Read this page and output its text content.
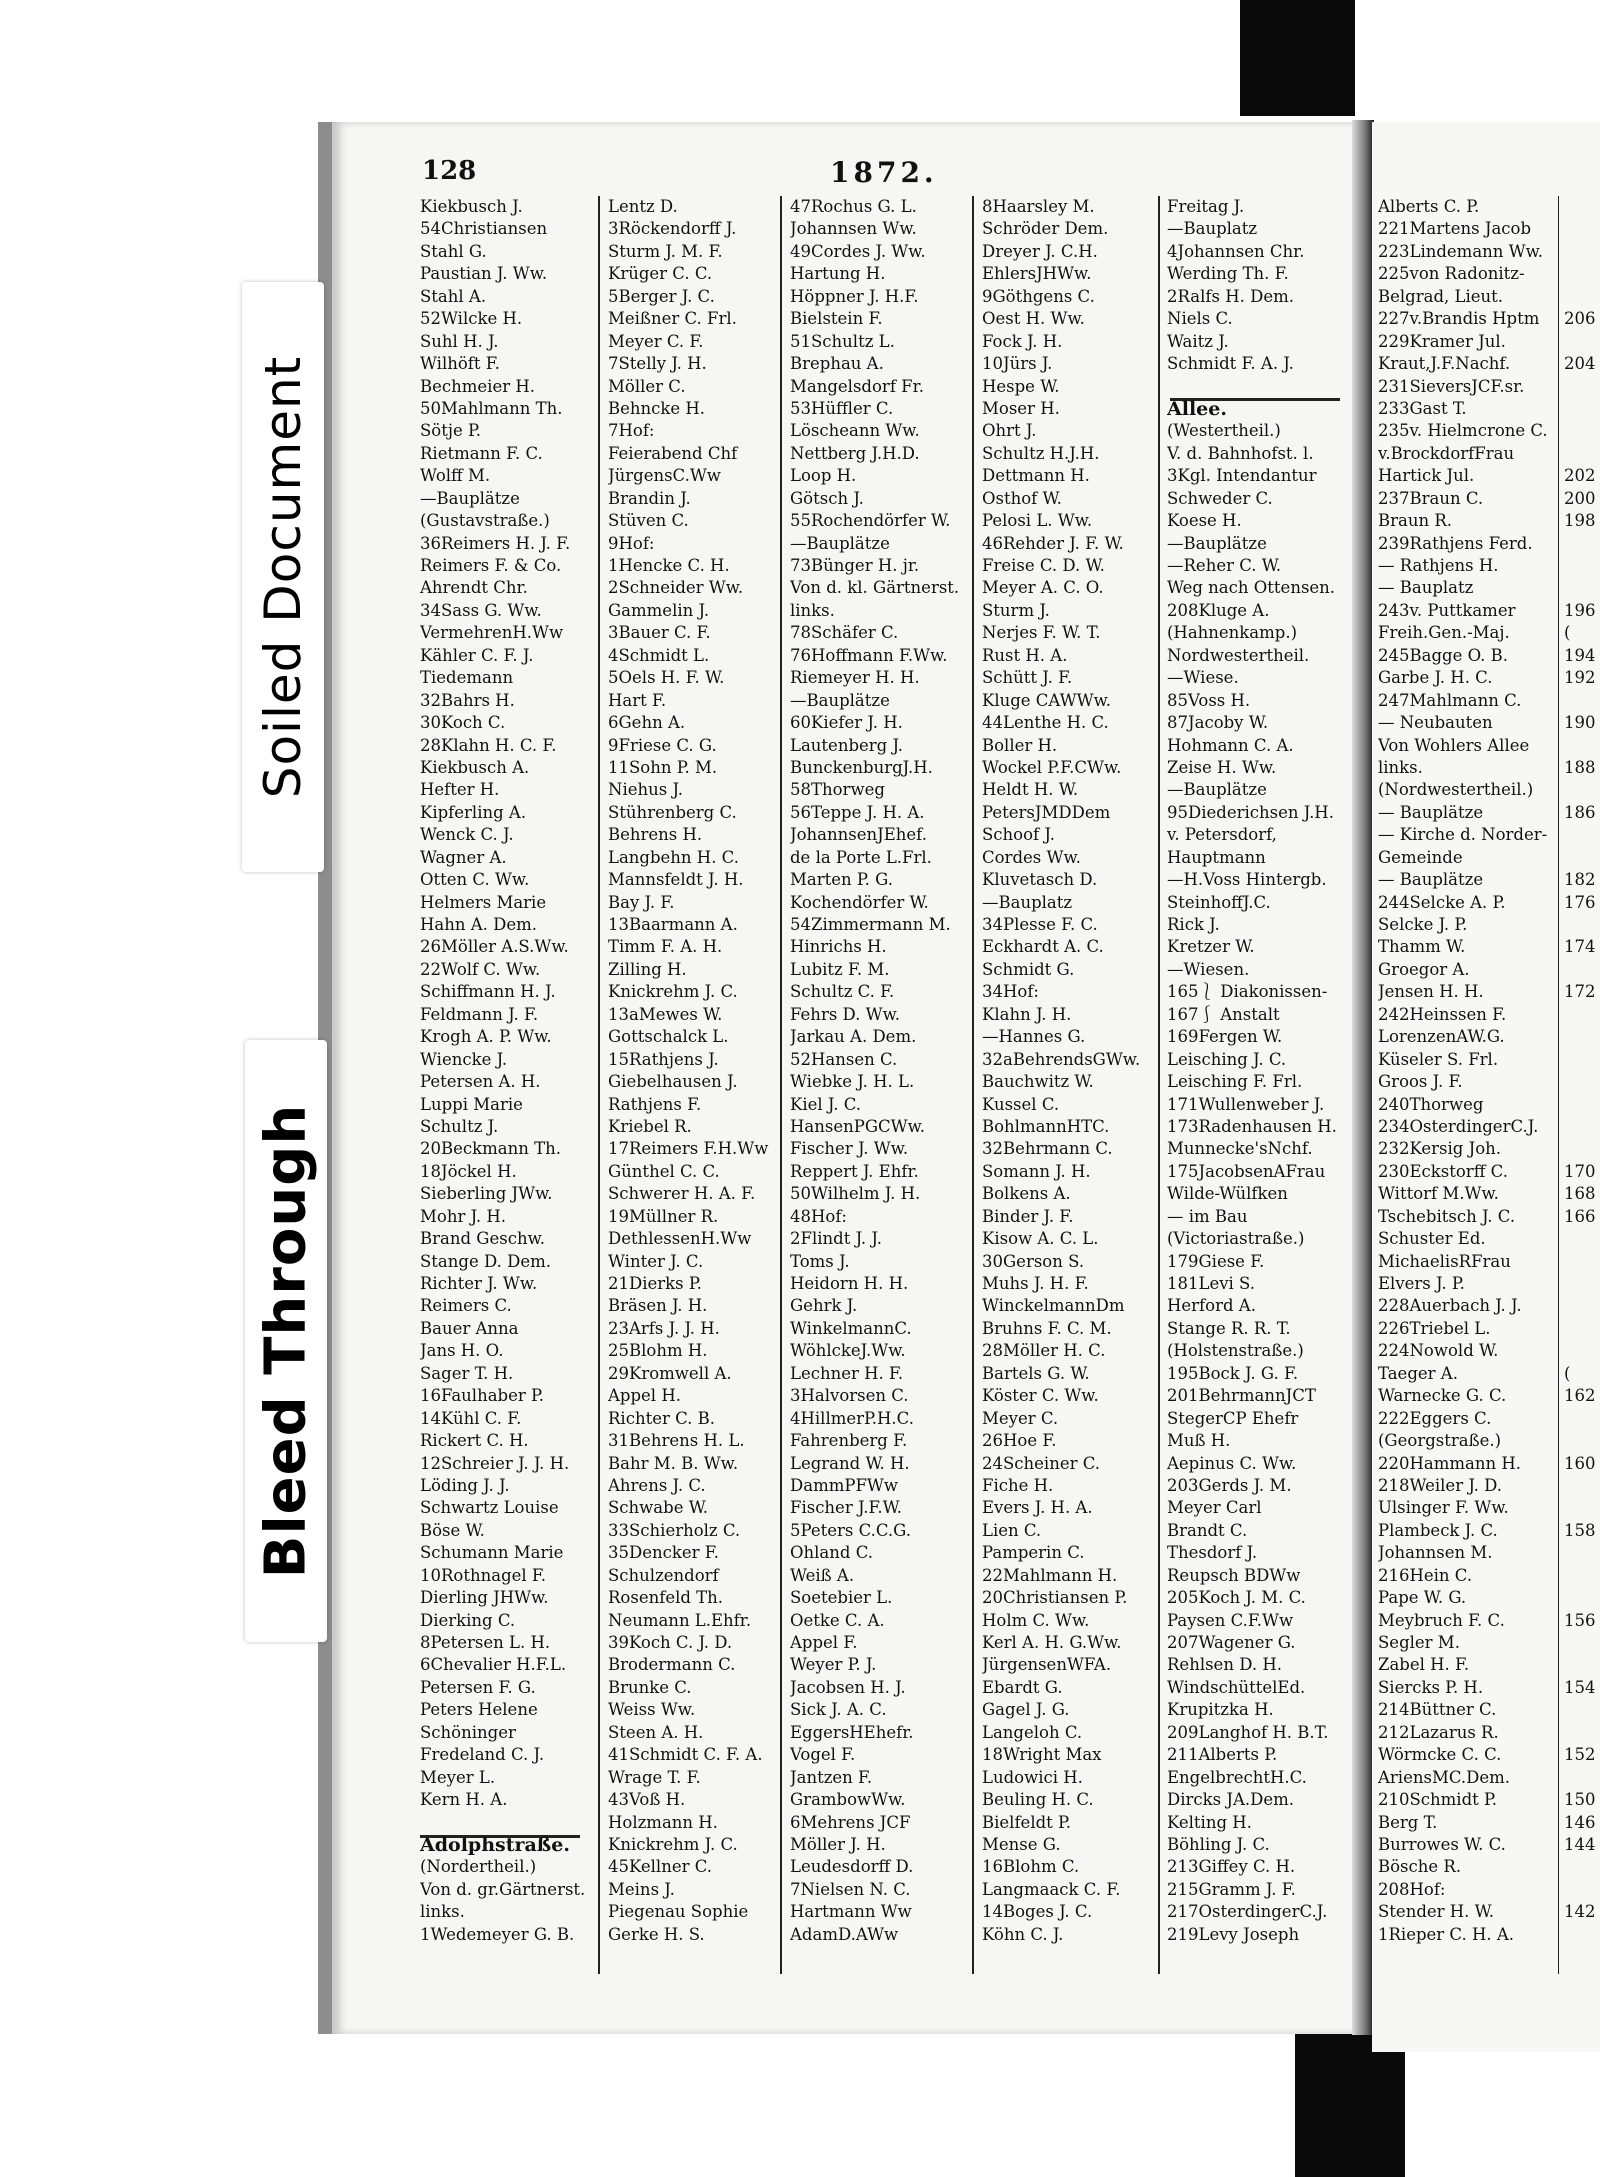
Soiled Document
Bleed Through
128	1872.
Kiekbusch J.
54Christiansen
Stahl G.
Paustian J. Ww.
Stahl A.
52Wilcke H.
Suhl H. J.
Wilhöft F.
Bechmeier H.
50Mahlmann Th.
Sötje P.
Rietmann F. C.
Wolff M.
—Bauplätze
(Gustavstraße.)
36Reimers H. J. F.
Reimers F. & Co.
Ahrendt Chr.
34Sass G. Ww.
VermehrenH.Ww
Kähler C. F. J.
Tiedemann
32Bahrs H.
30Koch C.
28Klahn H. C. F.
Kiekbusch A.
Hefter H.
Kipferling A.
Wenck C. J.
Wagner A.
Otten C. Ww.
Helmers Marie
Hahn A. Dem.
26Möller A.S.Ww.
22Wolf C. Ww.
Schiffmann H. J.
Feldmann J. F.
Krogh A. P. Ww.
Wiencke J.
Petersen A. H.
Luppi Marie
Schultz J.
20Beckmann Th.
18Jöckel H.
Sieberling JWw.
Mohr J. H.
Brand Geschw.
Stange D. Dem.
Richter J. Ww.
Reimers C.
Bauer Anna
Jans H. O.
Sager T. H.
16Faulhaber P.
14Kühl C. F.
Rickert C. H.
12Schreier J. J. H.
Löding J. J.
Schwartz Louise
Böse W.
Schumann Marie
10Rothnagel F.
Dierling JHWw.
Dierking C.
8Petersen L. H.
6Chevalier H.F.L.
Petersen F. G.
Peters Helene
Schöninger
Fredeland C. J.
Meyer L.
Kern H. A.
Adolphstraße.
(Nordertheil.)
Von d. gr.Gärtnerst.
links.
1Wedemeyer G. B.
Lentz D.
3Röckendorff J.
Sturm J. M. F.
Krüger C. C.
5Berger J. C.
Meißner C. Frl.
Meyer C. F.
7Stelly J. H.
Möller C.
Behncke H.
7Hof:
Feierabend Chf
JürgensC.Ww
Brandin J.
Stüven C.
9Hof:
1Hencke C. H.
2Schneider Ww.
Gammelin J.
3Bauer C. F.
4Schmidt L.
5Oels H. F. W.
Hart F.
6Gehn A.
9Friese C. G.
11Sohn P. M.
Niehus J.
Stührenberg C.
Behrens H.
Langbehn H. C.
Mannsfeldt J. H.
Bay J. F.
13Baarmann A.
Timm F. A. H.
Zilling H.
Knickrehm J. C.
13aMewes W.
Gottschalck L.
15Rathjens J.
Giebelhausen J.
Rathjens F.
Kriebel R.
17Reimers F.H.Ww
Günthel C. C.
Schwerer H. A. F.
19Müllner R.
DethlessenH.Ww
Winter J. C.
21Dierks P.
Bräsen J. H.
23Arfs J. J. H.
25Blohm H.
29Kromwell A.
Appel H.
Richter C. B.
31Behrens H. L.
Bahr M. B. Ww.
Ahrens J. C.
Schwabe W.
33Schierholz C.
35Dencker F.
Schulzendorf
Rosenfeld Th.
Neumann L.Ehfr.
39Koch C. J. D.
Brodermann C.
Brunke C.
Weiss Ww.
Steen A. H.
41Schmidt C. F. A.
Wrage T. F.
43Voß H.
Holzmann H.
Knickrehm J. C.
45Kellner C.
Meins J.
Piegenau Sophie
Gerke H. S.
47Rochus G. L.
Johannsen Ww.
49Cordes J. Ww.
Hartung H.
Höppner J. H.F.
Bielstein F.
51Schultz L.
Brephau A.
Mangelsdorf Fr.
53Hüffler C.
Löscheann Ww.
Nettberg J.H.D.
Loop H.
Götsch J.
55Rochendörfer W.
—Bauplätze
73Bünger H. jr.
Von d. kl. Gärtnerst.
links.
78Schäfer C.
76Hoffmann F.Ww.
Riemeyer H. H.
—Bauplätze
60Kiefer J. H.
Lautenberg J.
BunckenburgJ.H.
58Thorweg
56Teppe J. H. A.
JohannsenJEhef.
de la Porte L.Frl.
Marten P. G.
Kochendörfer W.
54Zimmermann M.
Hinrichs H.
Lubitz F. M.
Schultz C. F.
Fehrs D. Ww.
Jarkau A. Dem.
52Hansen C.
Wiebke J. H. L.
Kiel J. C.
HansenPGCWw.
Fischer J. Ww.
Reppert J. Ehfr.
50Wilhelm J. H.
48Hof:
2Flindt J. J.
Toms J.
Heidorn H. H.
Gehrk J.
WinkelmannC.
WöhlckeJ.Ww.
Lechner H. F.
3Halvorsen C.
4HillmerP.H.C.
Fahrenberg F.
Legrand W. H.
DammPFWw
Fischer J.F.W.
5Peters C.C.G.
Ohland C.
Weiß A.
Soetebier L.
Oetke C. A.
Appel F.
Weyer P. J.
Jacobsen H. J.
Sick J. A. C.
EggersHEhefr.
Vogel F.
Jantzen F.
GrambowWw.
6Mehrens JCF
Möller J. H.
Leudesdorff D.
7Nielsen N. C.
Hartmann Ww
AdamD.AWw
8Haarsley M.
Schröder Dem.
Dreyer J. C.H.
EhlersJHWw.
9Göthgens C.
Oest H. Ww.
Fock J. H.
10Jürs J.
Hespe W.
Moser H.
Ohrt J.
Schultz H.J.H.
Dettmann H.
Osthof W.
Pelosi L. Ww.
46Rehder J. F. W.
Freise C. D. W.
Meyer A. C. O.
Sturm J.
Nerjes F. W. T.
Rust H. A.
Schütt J. F.
Kluge CAWWw.
44Lenthe H. C.
Boller H.
Wockel P.F.CWw.
Heldt H. W.
PetersJMDDem
Schoof J.
Cordes Ww.
Kluvetasch D.
—Bauplatz
34Plesse F. C.
Eckhardt A. C.
Schmidt G.
34Hof:
Klahn J. H.
—Hannes G.
32aBehrendsGWw.
Bauchwitz W.
Kussel C.
BohlmannHTC.
32Behrmann C.
Somann J. H.
Bolkens A.
Binder J. F.
Kisow A. C. L.
30Gerson S.
Muhs J. H. F.
WinckelmannDm
Bruhns F. C. M.
28Möller H. C.
Bartels G. W.
Köster C. Ww.
Meyer C.
26Hoe F.
24Scheiner C.
Fiche H.
Evers J. H. A.
Lien C.
Pamperin C.
22Mahlmann H.
20Christiansen P.
Holm C. Ww.
Kerl A. H. G.Ww.
JürgensenWFA.
Ebardt G.
Gagel J. G.
Langeloh C.
18Wright Max
Ludowici H.
Beuling H. C.
Bielfeldt P.
Mense G.
16Blohm C.
Langmaack C. F.
14Boges J. C.
Köhn C. J.
Freitag J.
—Bauplatz
4Johannsen Chr.
Werding Th. F.
2Ralfs H. Dem.
Niels C.
Waitz J.
Schmidt F. A. J.
Allee.
(Westertheil.)
V. d. Bahnhofst. l.
3Kgl. Intendantur
Schweder C.
Koese H.
—Bauplätze
—Reher C. W.
Weg nach Ottensen.
208Kluge A.
(Hahnenkamp.)
Nordwestertheil.
—Wiese.
85Voss H.
87Jacoby W.
Hohmann C. A.
Zeise H. Ww.
—Bauplätze
95Diederichsen J.H.
v. Petersdorf,
Hauptmann
—H.Voss Hintergb.
SteinhoffJ.C.
Rick J.
Kretzer W.
—Wiesen.
165⎱ Diakonissen-
167⎰ Anstalt
169Fergen W.
Leisching J. C.
Leisching F. Frl.
171Wullenweber J.
173Radenhausen H.
Munnecke'sNchf.
175JacobsenAFrau
Wilde-Wülfken
— im Bau
(Victoriastraße.)
179Giese F.
181Levi S.
Herford A.
Stange R. R. T.
(Holstenstraße.)
195Bock J. G. F.
201BehrmannJCT
StegerCP Ehefr
Muß H.
Aepinus C. Ww.
203Gerds J. M.
Meyer Carl
Brandt C.
Thesdorf J.
Reupsch BDWw
205Koch J. M. C.
Paysen C.F.Ww
207Wagener G.
Rehlsen D. H.
WindschüttelEd.
Krupitzka H.
209Langhof H. B.T.
211Alberts P.
EngelbrechtH.C.
Dircks JA.Dem.
Kelting H.
Böhling J. C.
213Giffey C. H.
215Gramm J. F.
217OsterdingerC.J.
219Levy Joseph
Alberts C. P.
221Martens Jacob
223Lindemann Ww.
225von Radonitz-
Belgrad, Lieut.
227v.Brandis Hptm
229Kramer Jul.
Kraut,J.F.Nachf.
231SieversJCF.sr.
233Gast T.
235v. Hielmcrone C.
v.BrockdorfFrau
Hartick Jul.
237Braun C.
Braun R.
239Rathjens Ferd.
— Rathjens H.
— Bauplatz
243v. Puttkamer
Freih.Gen.-Maj.
245Bagge O. B.
Garbe J. H. C.
247Mahlmann C.
— Neubauten
Von Wohlers Allee
links.
(Nordwestertheil.)
— Bauplätze
— Kirche d. Norder-
Gemeinde
— Bauplätze
244Selcke A. P.
Selcke J. P.
Thamm W.
Groegor A.
Jensen H. H.
242Heinssen F.
LorenzenAW.G.
Küseler S. Frl.
Groos J. F.
240Thorweg
234OsterdingerC.J.
232Kersig Joh.
230Eckstorff C.
Wittorf M.Ww.
Tschebitsch J. C.
Schuster Ed.
MichaelisRFrau
Elvers J. P.
228Auerbach J. J.
226Triebel L.
224Nowold W.
Taeger A.
Warnecke G. C.
222Eggers C.
(Georgstraße.)
220Hammann H.
218Weiler J. D.
Ulsinger F. Ww.
Plambeck J. C.
Johannsen M.
216Hein C.
Pape W. G.
Meybruch F. C.
Segler M.
Zabel H. F.
Siercks P. H.
214Büttner C.
212Lazarus R.
Wörmcke C. C.
AriensMC.Dem.
210Schmidt P.
Berg T.
Burrowes W. C.
Bösche R.
208Hof:
Stender H. W.
1Rieper C. H. A.
206
204
202
200
198
196
(
194
192
190
188
186
182
176
174
172
170
168
166
(
162
160
158
156
154
152
150
146
144
142
